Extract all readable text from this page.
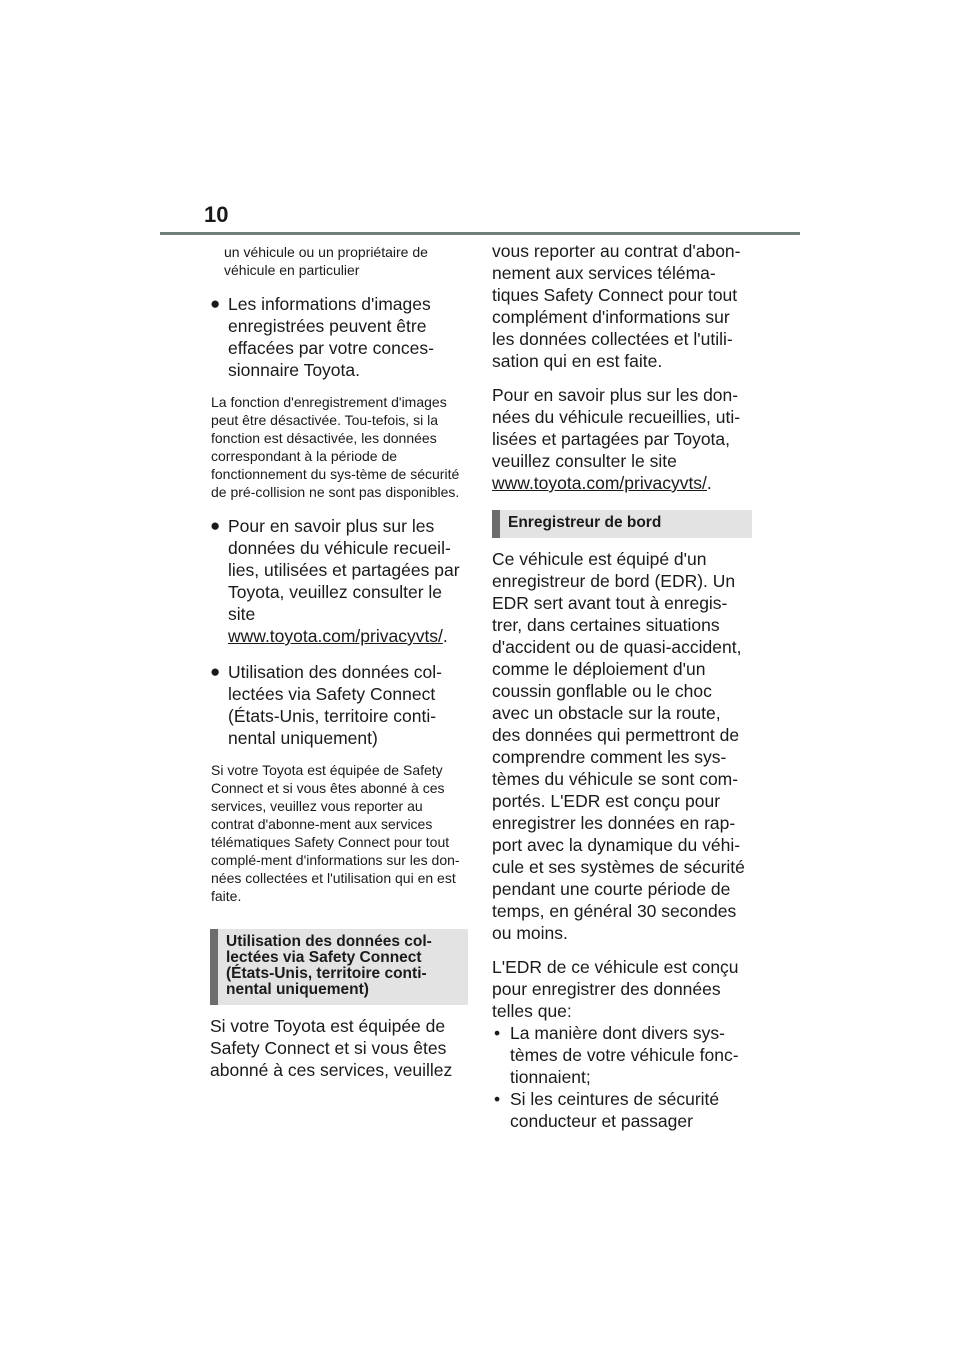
10

un véhicule ou un propriétaire de véhicule en particulier

● Les informations d'images enregistrées peuvent être effacées par votre conces-sionnaire Toyota.

La fonction d'enregistrement d'images peut être désactivée. Tou-tefois, si la fonction est désactivée, les données correspondant à la période de fonctionnement du sys-tème de sécurité de pré-collision ne sont pas disponibles.

● Pour en savoir plus sur les données du véhicule recueil-lies, utilisées et partagées par Toyota, veuillez consulter le site www.toyota.com/privacyvts/.
● Utilisation des données col-lectées via Safety Connect (États-Unis, territoire conti-nental uniquement)

Si votre Toyota est équipée de Safety Connect et si vous êtes abonné à ces services, veuillez vous reporter au contrat d'abonne-ment aux services télématiques Safety Connect pour tout complé-ment d'informations sur les don-nées collectées et l'utilisation qui en est faite.

Utilisation des données col-lectées via Safety Connect (États-Unis, territoire conti-nental uniquement)

Si votre Toyota est équipée de Safety Connect et si vous êtes abonné à ces services, veuillez

vous reporter au contrat d'abon-nement aux services téléma-tiques Safety Connect pour tout complément d'informations sur les données collectées et l'utili-sation qui en est faite.

Pour en savoir plus sur les don-nées du véhicule recueillies, uti-lisées et partagées par Toyota, veuillez consulter le site www.toyota.com/privacyvts/.

Enregistreur de bord

Ce véhicule est équipé d'un enregistreur de bord (EDR). Un EDR sert avant tout à enregis-trer, dans certaines situations d'accident ou de quasi-accident, comme le déploiement d'un coussin gonflable ou le choc avec un obstacle sur la route, des données qui permettront de comprendre comment les sys-tèmes du véhicule se sont com-portés. L'EDR est conçu pour enregistrer les données en rap-port avec la dynamique du véhi-cule et ses systèmes de sécurité pendant une courte période de temps, en général 30 secondes ou moins.

L'EDR de ce véhicule est conçu pour enregistrer des données telles que:

• La manière dont divers sys-tèmes de votre véhicule fonc-tionnaient;
• Si les ceintures de sécurité conducteur et passager
